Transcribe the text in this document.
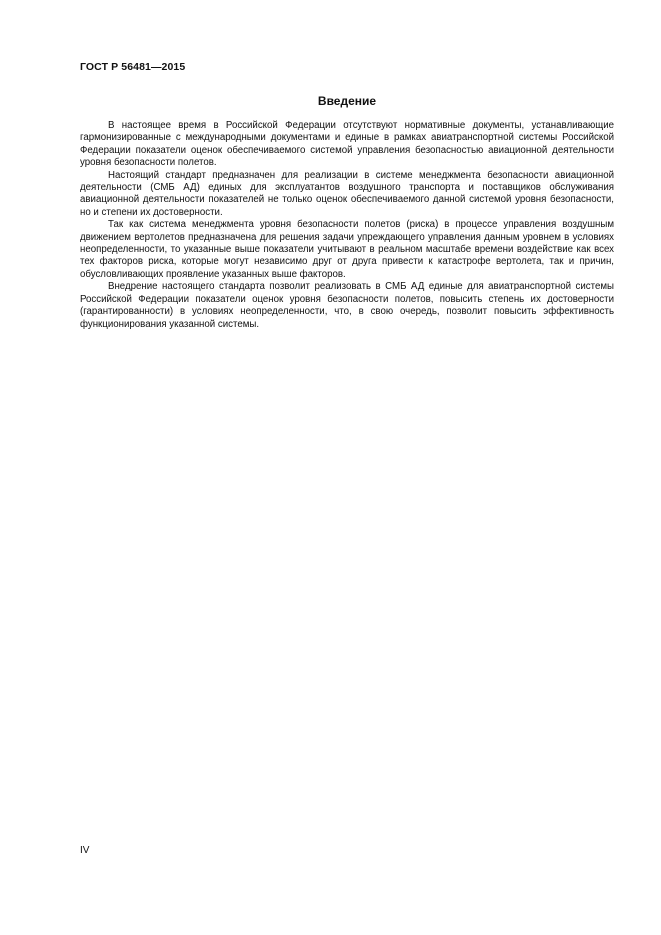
ГОСТ Р 56481—2015
Введение

В настоящее время в Российской Федерации отсутствуют нормативные документы, устанавливающие гармонизированные с международными документами и единые в рамках авиатранспортной системы Российской Федерации показатели оценок обеспечиваемого системой управления безопасностью авиационной деятельности уровня безопасности полетов.

Настоящий стандарт предназначен для реализации в системе менеджмента безопасности авиационной деятельности (СМБ АД) единых для эксплуатантов воздушного транспорта и поставщиков обслуживания авиационной деятельности показателей не только оценок обеспечиваемого данной системой уровня безопасности, но и степени их достоверности.

Так как система менеджмента уровня безопасности полетов (риска) в процессе управления воздушным движением вертолетов предназначена для решения задачи упреждающего управления данным уровнем в условиях неопределенности, то указанные выше показатели учитывают в реальном масштабе времени воздействие как всех тех факторов риска, которые могут независимо друг от друга привести к катастрофе вертолета, так и причин, обусловливающих проявление указанных выше факторов.

Внедрение настоящего стандарта позволит реализовать в СМБ АД единые для авиатранспортной системы Российской Федерации показатели оценок уровня безопасности полетов, повысить степень их достоверности (гарантированности) в условиях неопределенности, что, в свою очередь, позволит повысить эффективность функционирования указанной системы.

IV
